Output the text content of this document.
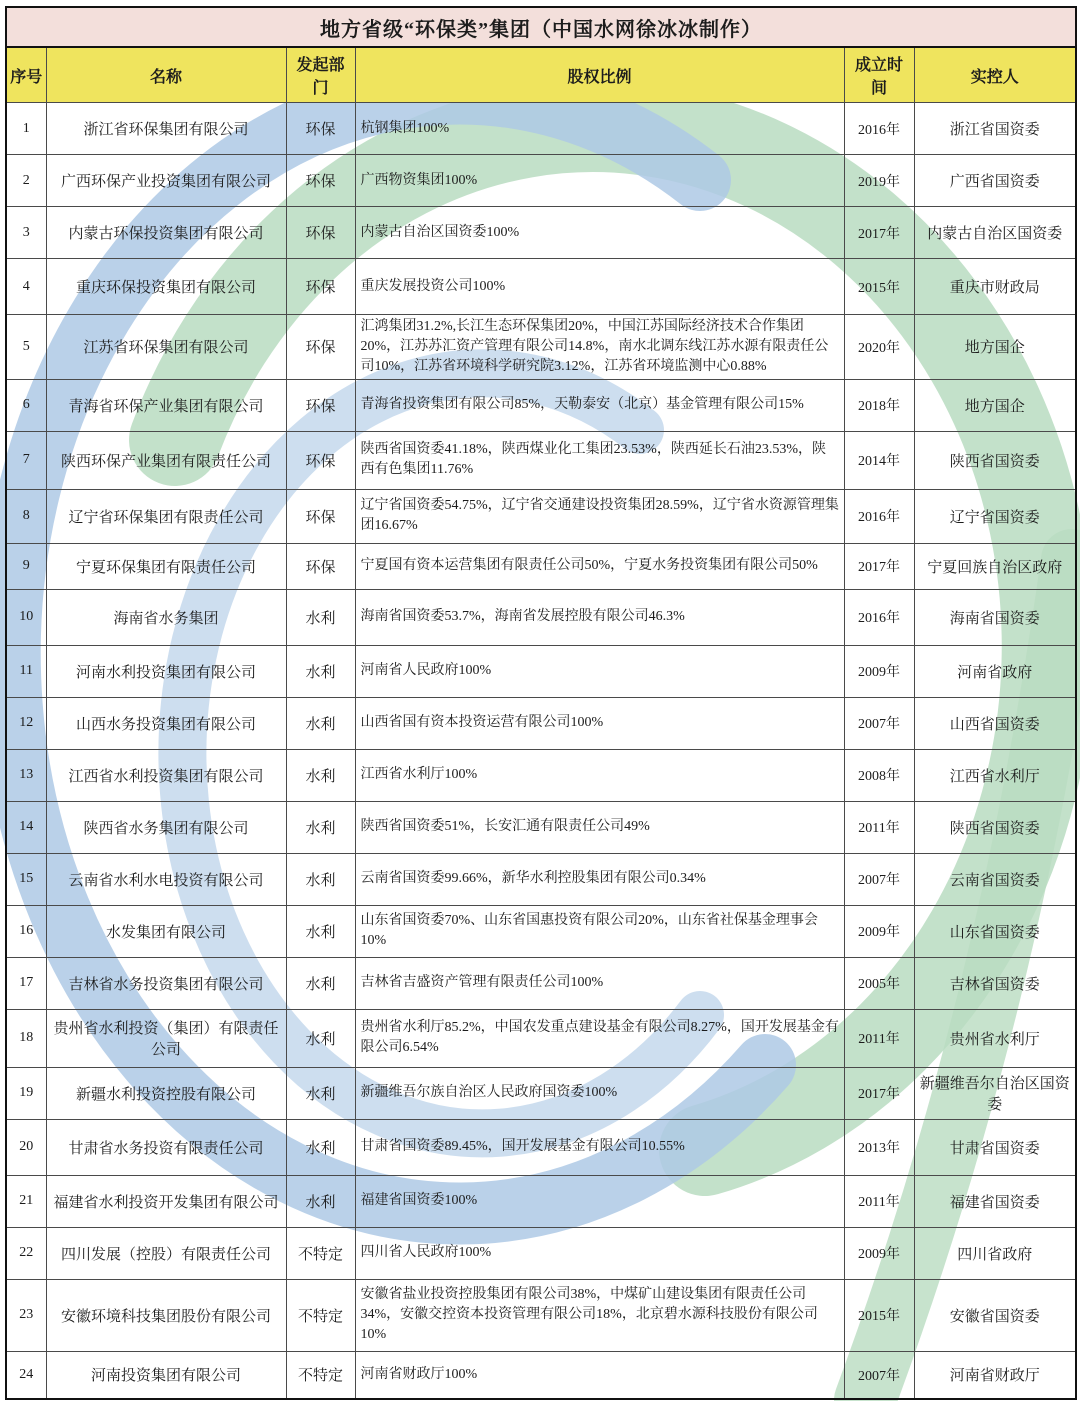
地方省级“环保类”集团（中国水网徐冰冰制作）					
序号	名称	发起部门	股权比例	成立时间	实控人
1	浙江省环保集团有限公司	环保	杭钢集团100%	2016年	浙江省国资委
2	广西环保产业投资集团有限公司	环保	广西物资集团100%	2019年	广西省国资委
3	内蒙古环保投资集团有限公司	环保	内蒙古自治区国资委100%	2017年	内蒙古自治区国资委
4	重庆环保投资集团有限公司	环保	重庆发展投资公司100%	2015年	重庆市财政局
5	江苏省环保集团有限公司	环保	汇鸿集团31.2%,长江生态环保集团20%，中国江苏国际经济技术合作集团20%，江苏苏汇资产管理有限公司14.8%，南水北调东线江苏水源有限责任公司10%，江苏省环境科学研究院3.12%，江苏省环境监测中心0.88%	2020年	地方国企
6	青海省环保产业集团有限公司	环保	青海省投资集团有限公司85%，天勒泰安（北京）基金管理有限公司15%	2018年	地方国企
7	陕西环保产业集团有限责任公司	环保	陕西省国资委41.18%，陕西煤业化工集团23.53%，陕西延长石油23.53%，陕西有色集团11.76%	2014年	陕西省国资委
8	辽宁省环保集团有限责任公司	环保	辽宁省国资委54.75%，辽宁省交通建设投资集团28.59%，辽宁省水资源管理集团16.67%	2016年	辽宁省国资委
9	宁夏环保集团有限责任公司	环保	宁夏国有资本运营集团有限责任公司50%，宁夏水务投资集团有限公司50%	2017年	宁夏回族自治区政府
10	海南省水务集团	水利	海南省国资委53.7%，海南省发展控股有限公司46.3%	2016年	海南省国资委
11	河南水利投资集团有限公司	水利	河南省人民政府100%	2009年	河南省政府
12	山西水务投资集团有限公司	水利	山西省国有资本投资运营有限公司100%	2007年	山西省国资委
13	江西省水利投资集团有限公司	水利	江西省水利厅100%	2008年	江西省水利厅
14	陕西省水务集团有限公司	水利	陕西省国资委51%，长安汇通有限责任公司49%	2011年	陕西省国资委
15	云南省水利水电投资有限公司	水利	云南省国资委99.66%，新华水利控股集团有限公司0.34%	2007年	云南省国资委
16	水发集团有限公司	水利	山东省国资委70%、山东省国惠投资有限公司20%，山东省社保基金理事会10%	2009年	山东省国资委
17	吉林省水务投资集团有限公司	水利	吉林省吉盛资产管理有限责任公司100%	2005年	吉林省国资委
18	贵州省水利投资（集团）有限责任公司	水利	贵州省水利厅85.2%，中国农发重点建设基金有限公司8.27%，国开发展基金有限公司6.54%	2011年	贵州省水利厅
19	新疆水利投资控股有限公司	水利	新疆维吾尔族自治区人民政府国资委100%	2017年	新疆维吾尔自治区国资委
20	甘肃省水务投资有限责任公司	水利	甘肃省国资委89.45%，国开发展基金有限公司10.55%	2013年	甘肃省国资委
21	福建省水利投资开发集团有限公司	水利	福建省国资委100%	2011年	福建省国资委
22	四川发展（控股）有限责任公司	不特定	四川省人民政府100%	2009年	四川省政府
23	安徽环境科技集团股份有限公司	不特定	安徽省盐业投资控股集团有限公司38%，中煤矿山建设集团有限责任公司34%，安徽交控资本投资管理有限公司18%，北京碧水源科技股份有限公司10%	2015年	安徽省国资委
24	河南投资集团有限公司	不特定	河南省财政厅100%	2007年	河南省财政厅
